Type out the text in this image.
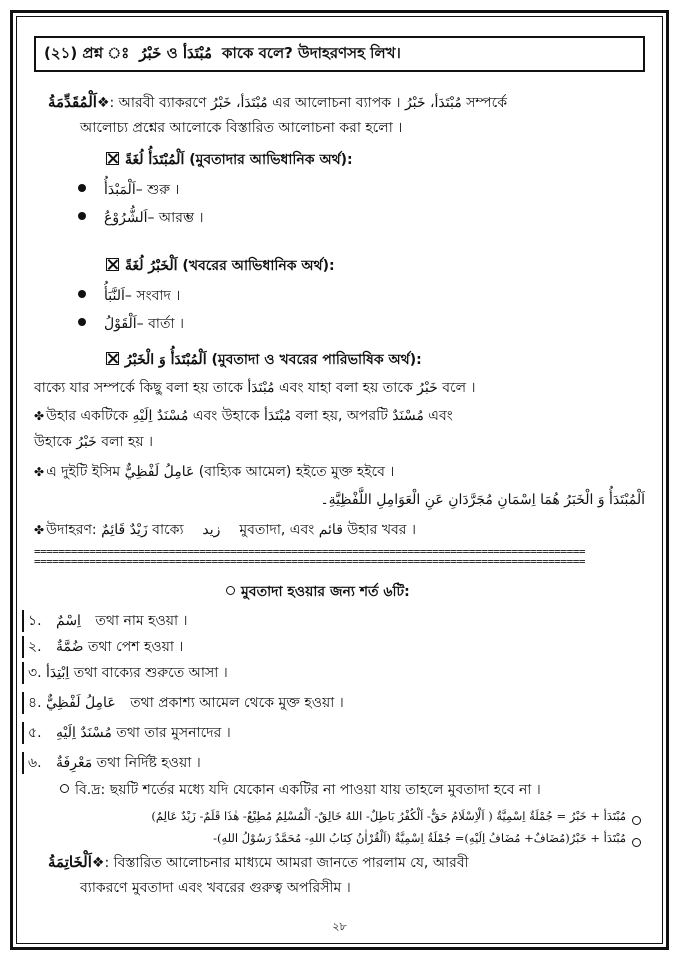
(২১) প্রশ্ন ঃ خَبْرُ ও مُبْتَدَأ কাকে বলে? উদাহরণসহ লিখ।
اَلْمُقَدِّمَةُ❖: আরবী ব্যাকরণে مُبْتَدَأ، خَبْرُ এর আলোচনা ব্যাপক । مُبْتَدَأ، خَبْرُ সম্পর্কে
আলোচ্য প্রশ্নের আলোকে বিস্তারিত আলোচনা করা হলো ।
اَلْمُبْتَدَأُ لُغَةً (মুবতাদার আভিধানিক অর্থ):
اَلْمَبْدَأُ– শুরু ।
اَلشُّرُوْعُ– আরম্ভ ।
اَلْخَبْرُ لُغَةً (খবরের আভিধানিক অর্থ):
اَلنَّبَأُ– সংবাদ ।
اَلْقَوْلُ– বার্তা ।
اَلْمُبْتَدَأُ وَ الْخَبْرُ (মুবতাদা ও খবরের পারিভাষিক অর্থ):
বাক্যে যার সম্পর্কে কিছু বলা হয় তাকে مُبْتَدَأ এবং যাহা বলা হয় তাকে خَبْرُ বলে ।
✤ উহার একটিকে مُسْنَدٌ اِلَيْهِ এবং উহাকে مُبْتَدَأ বলা হয়, অপরটি مُسْنَدٌ এবং
উহাকে خَبْرُ বলা হয় ।
✤ এ দুইটি ইসিম عَامِلُ لَفْظِيٌّ (বাহ্যিক আমেল) হইতে মুক্ত হইবে ।
اَلْمُبْتَدَأُ وَ الْخَبَرُ هُمَا اِسْمَانِ مُجَرَّدَانِ عَنِ الْعَوَامِلِ اللَّفْظِيَّةِ۔
✤ উদাহরণ: زَيْدٌ قَائِمٌ বাক্যে زيد মুবতাদা, এবং قائم উহার খবর ।
==========================================================================================
==========================================================================================
মুবতাদা হওয়ার জন্য শর্ত ৬টি:
১. اِسْمٌ তথা নাম হওয়া ।
২. ضُمَّةٌ তথা পেশ হওয়া ।
৩. اِبْتِدَأ তথা বাক্যের শুরুতে আসা ।
৪. عَامِلُ لَفْظِيٌّ তথা প্রকাশ্য আমেল থেকে মুক্ত হওয়া ।
৫. مُسْنَدٌ اِلَيْهِ তথা তার মুসনাদের ।
৬. مَعْرِفَةٌ তথা নির্দিষ্ট হওয়া ।
বি.দ্র: ছয়টি শর্তের মধ্যে যদি যেকোন একটির না পাওয়া যায় তাহলে মুবতাদা হবে না ।
مُبْتَدَأ + خَبْرُ = جُمْلَةٌ اِسْمِيَّةٌ ( اَلْاِسْلَامُ حَقٌّ- اَلْكُفْرُ بَاطِلٌ- اللهُ خَالِقٌ- اَلْمُسْلِمُ مُطِيْعٌ- هٰذَا قَلَمٌ- زَيْدٌ عَالِمٌ)
مُبْتَدَأ + خَبْرُ(مُضَافٌ+ مُضَافُ اِلَيْهِ)= جُمْلَةٌ اِسْمِيَّةٌ (اَلْقُرْاٰنُ كِتَابُ اللهِ- مُحَمَّدٌ رَسُوْلُ اللهِ)-
اَلْخَاتِمَةُ❖: বিস্তারিত আলোচনার মাধ্যমে আমরা জানতে পারলাম যে, আরবী
ব্যাকরণে মুবতাদা এবং খবরের গুরুত্ব অপরিসীম ।
২৮
